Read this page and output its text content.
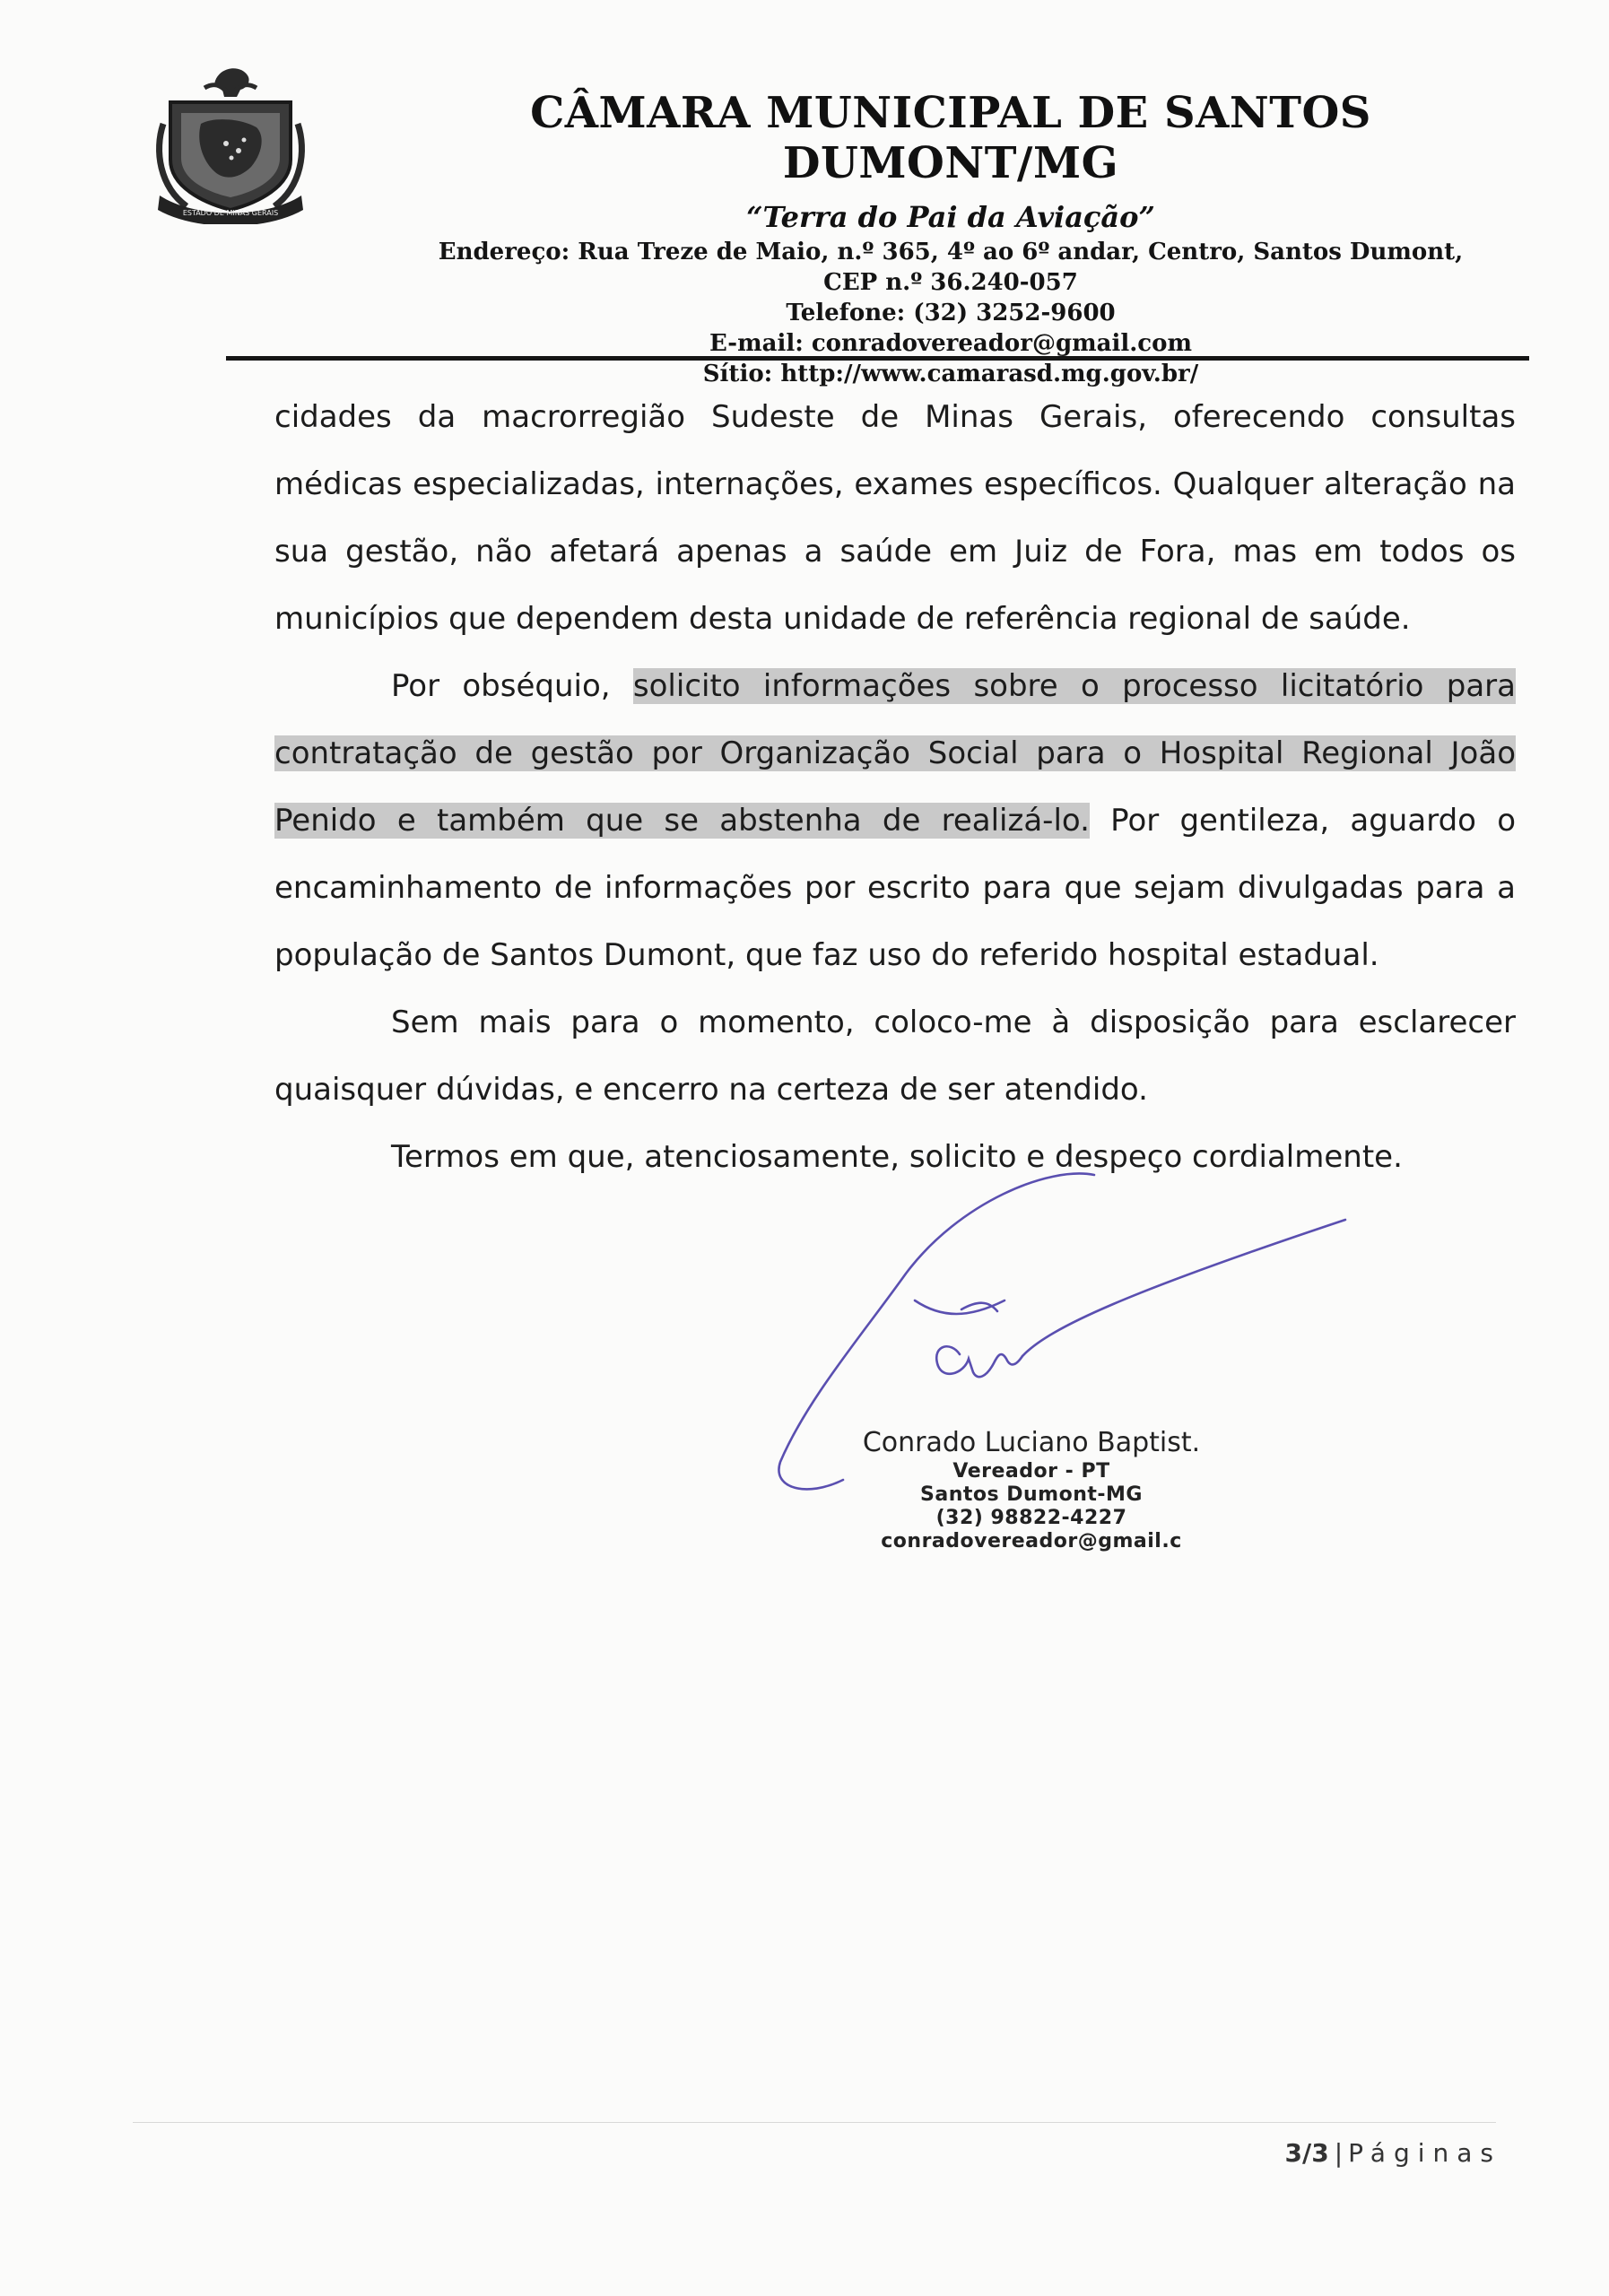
ESTADO DE MINAS GERAIS
CÂMARA MUNICIPAL DE SANTOS DUMONT/MG
“Terra do Pai da Aviação”
Endereço: Rua Treze de Maio, n.º 365, 4º ao 6º andar, Centro, Santos Dumont,
CEP n.º 36.240-057
Telefone: (32) 3252-9600
E-mail: conradovereador@gmail.com
Sítio: http://www.camarasd.mg.gov.br/

cidades da macrorregião Sudeste de Minas Gerais, oferecendo consultas médicas especializadas, internações, exames específicos. Qualquer alteração na sua gestão, não afetará apenas a saúde em Juiz de Fora, mas em todos os municípios que dependem desta unidade de referência regional de saúde.

Por obséquio, solicito informações sobre o processo licitatório para contratação de gestão por Organização Social para o Hospital Regional João Penido e também que se abstenha de realizá-lo. Por gentileza, aguardo o encaminhamento de informações por escrito para que sejam divulgadas para a população de Santos Dumont, que faz uso do referido hospital estadual.

Sem mais para o momento, coloco-me à disposição para esclarecer quaisquer dúvidas, e encerro na certeza de ser atendido.

Termos em que, atenciosamente, solicito e despeço cordialmente.

Conrado Luciano Baptist.
Vereador - PT
Santos Dumont-MG
(32) 98822-4227
conradovereador@gmail.c
3/3 | Páginas
